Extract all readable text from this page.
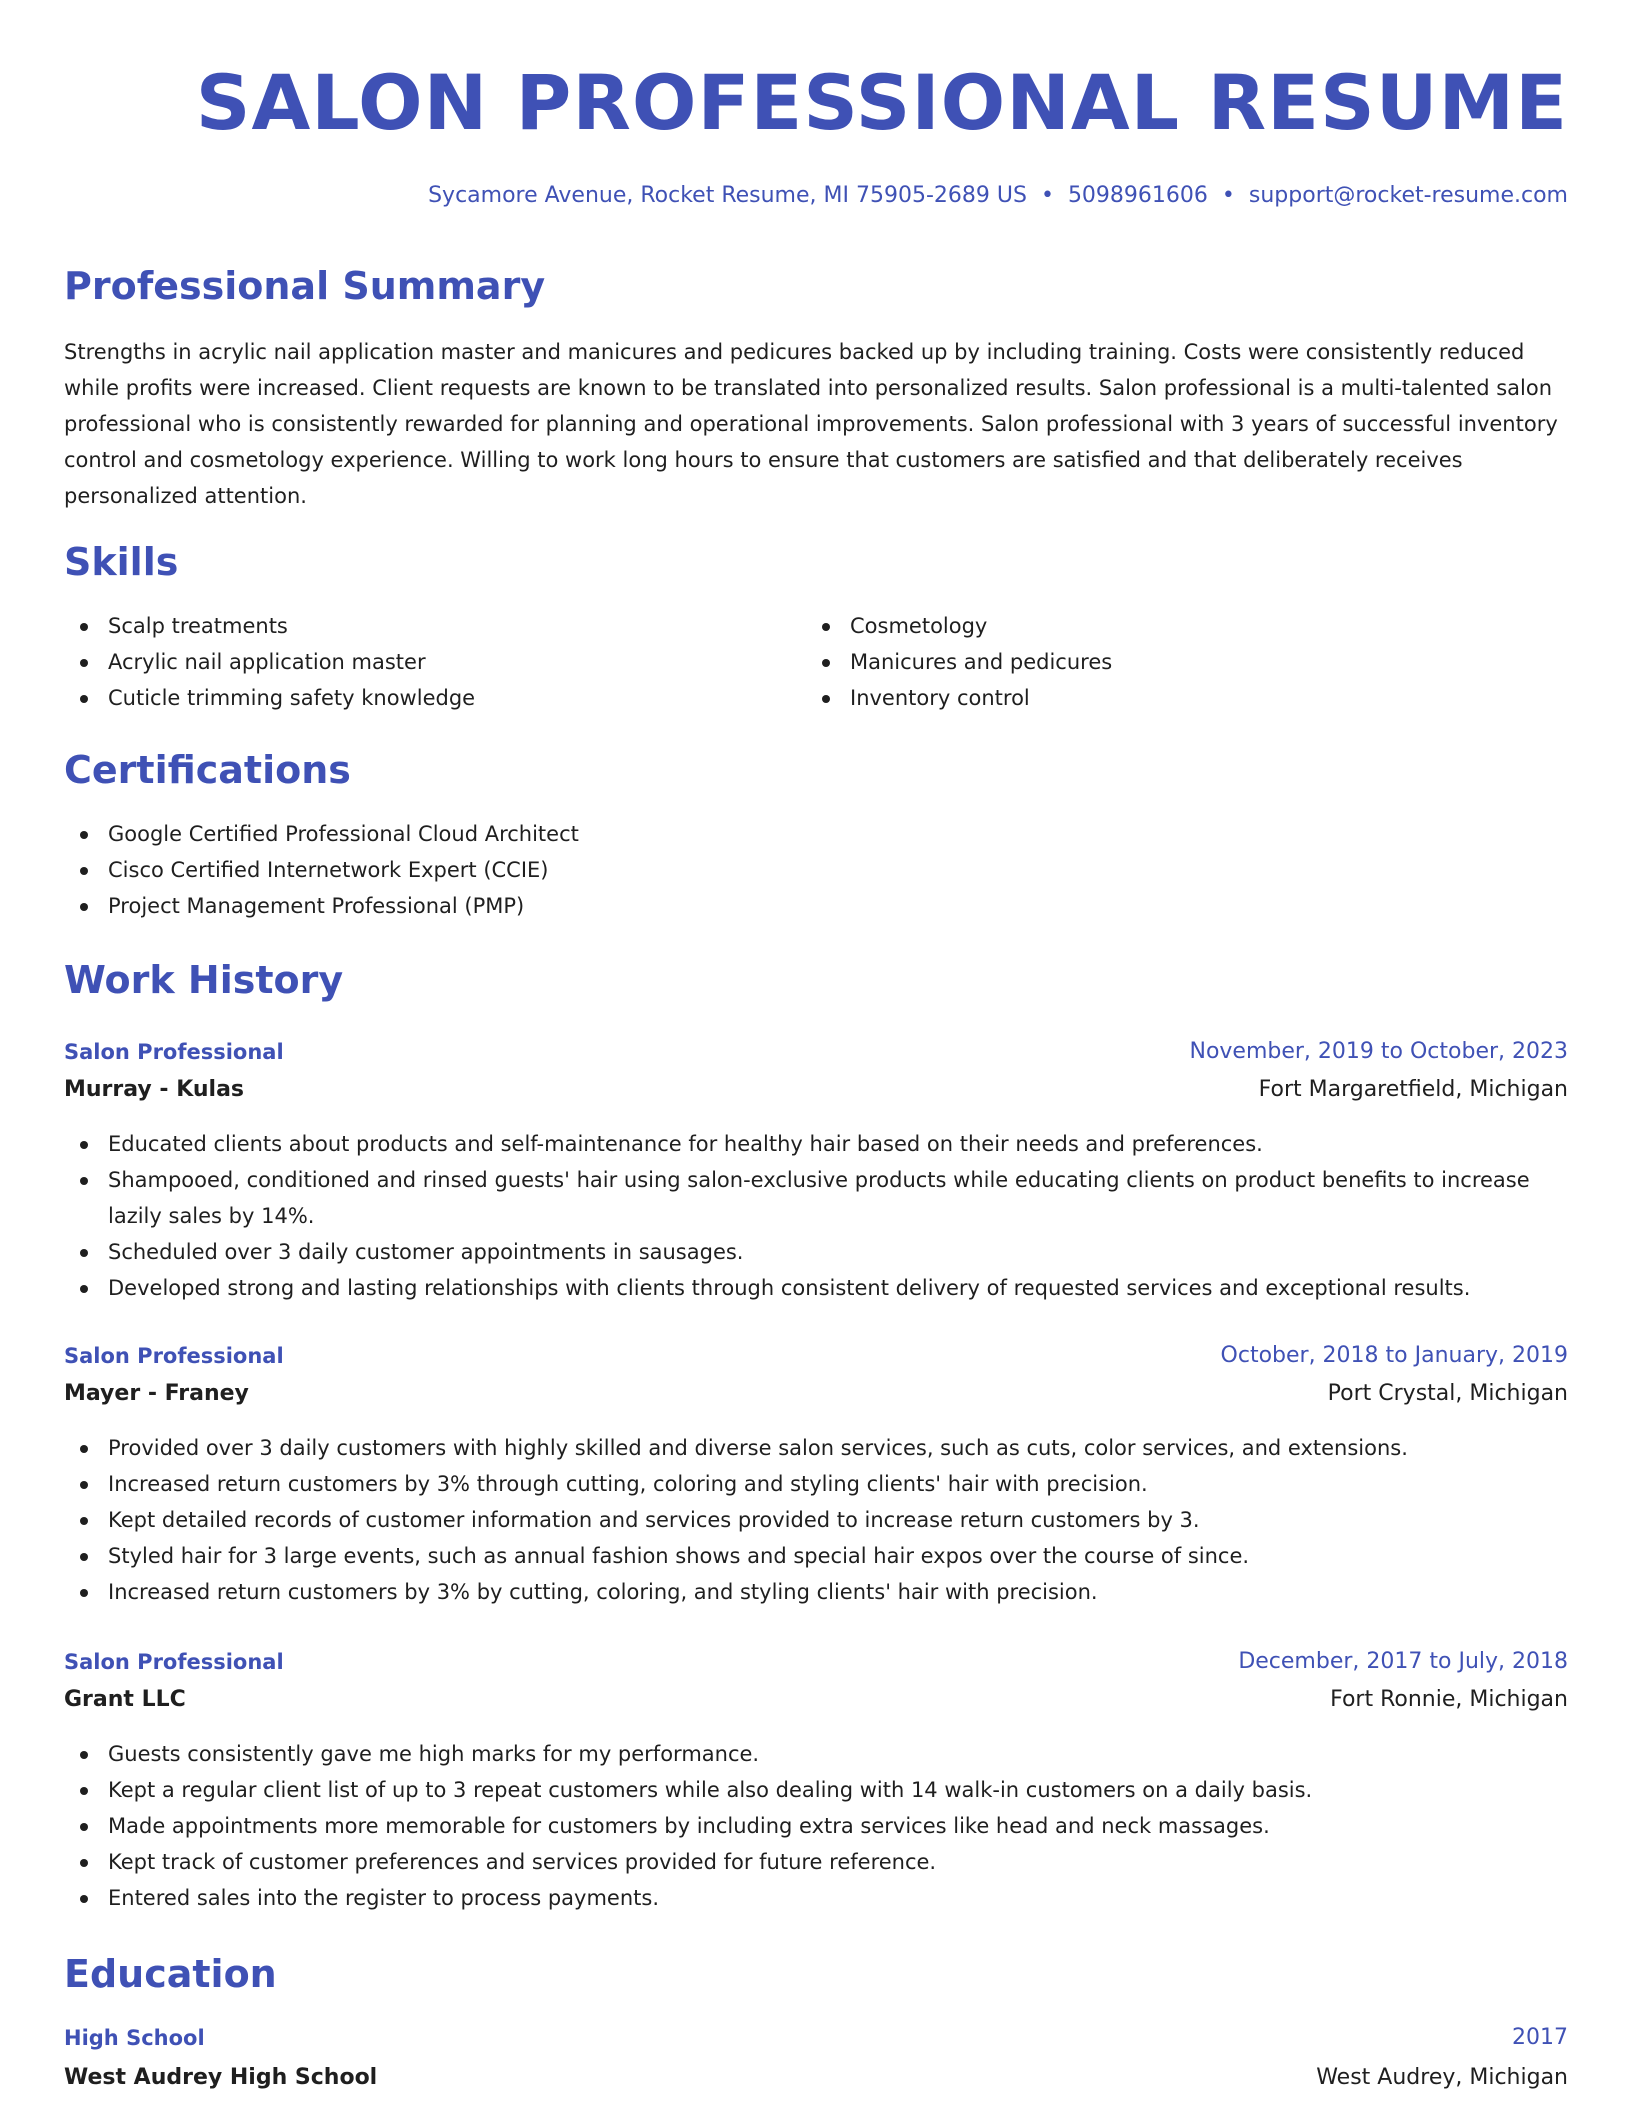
SALON PROFESSIONAL RESUME
Sycamore Avenue, Rocket Resume, MI 75905-2689 US • 5098961606 • support@rocket-resume.com
Professional Summary

Strengths in acrylic nail application master and manicures and pedicures backed up by including training. Costs were consistently reduced while profits were increased. Client requests are known to be translated into personalized results. Salon professional is a multi-talented salon professional who is consistently rewarded for planning and operational improvements. Salon professional with 3 years of successful inventory control and cosmetology experience. Willing to work long hours to ensure that customers are satisfied and that deliberately receives personalized attention.

Skills
Scalp treatments
Acrylic nail application master
Cuticle trimming safety knowledge
Cosmetology
Manicures and pedicures
Inventory control
Certifications
Google Certified Professional Cloud Architect
Cisco Certified Internetwork Expert (CCIE)
Project Management Professional (PMP)
Work History
Salon Professional	November, 2019 to October, 2023
Murray - Kulas	Fort Margaretfield, Michigan
Educated clients about products and self-maintenance for healthy hair based on their needs and preferences.
Shampooed, conditioned and rinsed guests' hair using salon-exclusive products while educating clients on product benefits to increase lazily sales by 14%.
Scheduled over 3 daily customer appointments in sausages.
Developed strong and lasting relationships with clients through consistent delivery of requested services and exceptional results.
Salon Professional	October, 2018 to January, 2019
Mayer - Franey	Port Crystal, Michigan
Provided over 3 daily customers with highly skilled and diverse salon services, such as cuts, color services, and extensions.
Increased return customers by 3% through cutting, coloring and styling clients' hair with precision.
Kept detailed records of customer information and services provided to increase return customers by 3.
Styled hair for 3 large events, such as annual fashion shows and special hair expos over the course of since.
Increased return customers by 3% by cutting, coloring, and styling clients' hair with precision.
Salon Professional	December, 2017 to July, 2018
Grant LLC	Fort Ronnie, Michigan
Guests consistently gave me high marks for my performance.
Kept a regular client list of up to 3 repeat customers while also dealing with 14 walk-in customers on a daily basis.
Made appointments more memorable for customers by including extra services like head and neck massages.
Kept track of customer preferences and services provided for future reference.
Entered sales into the register to process payments.
Education
High School	2017
West Audrey High School	West Audrey, Michigan
